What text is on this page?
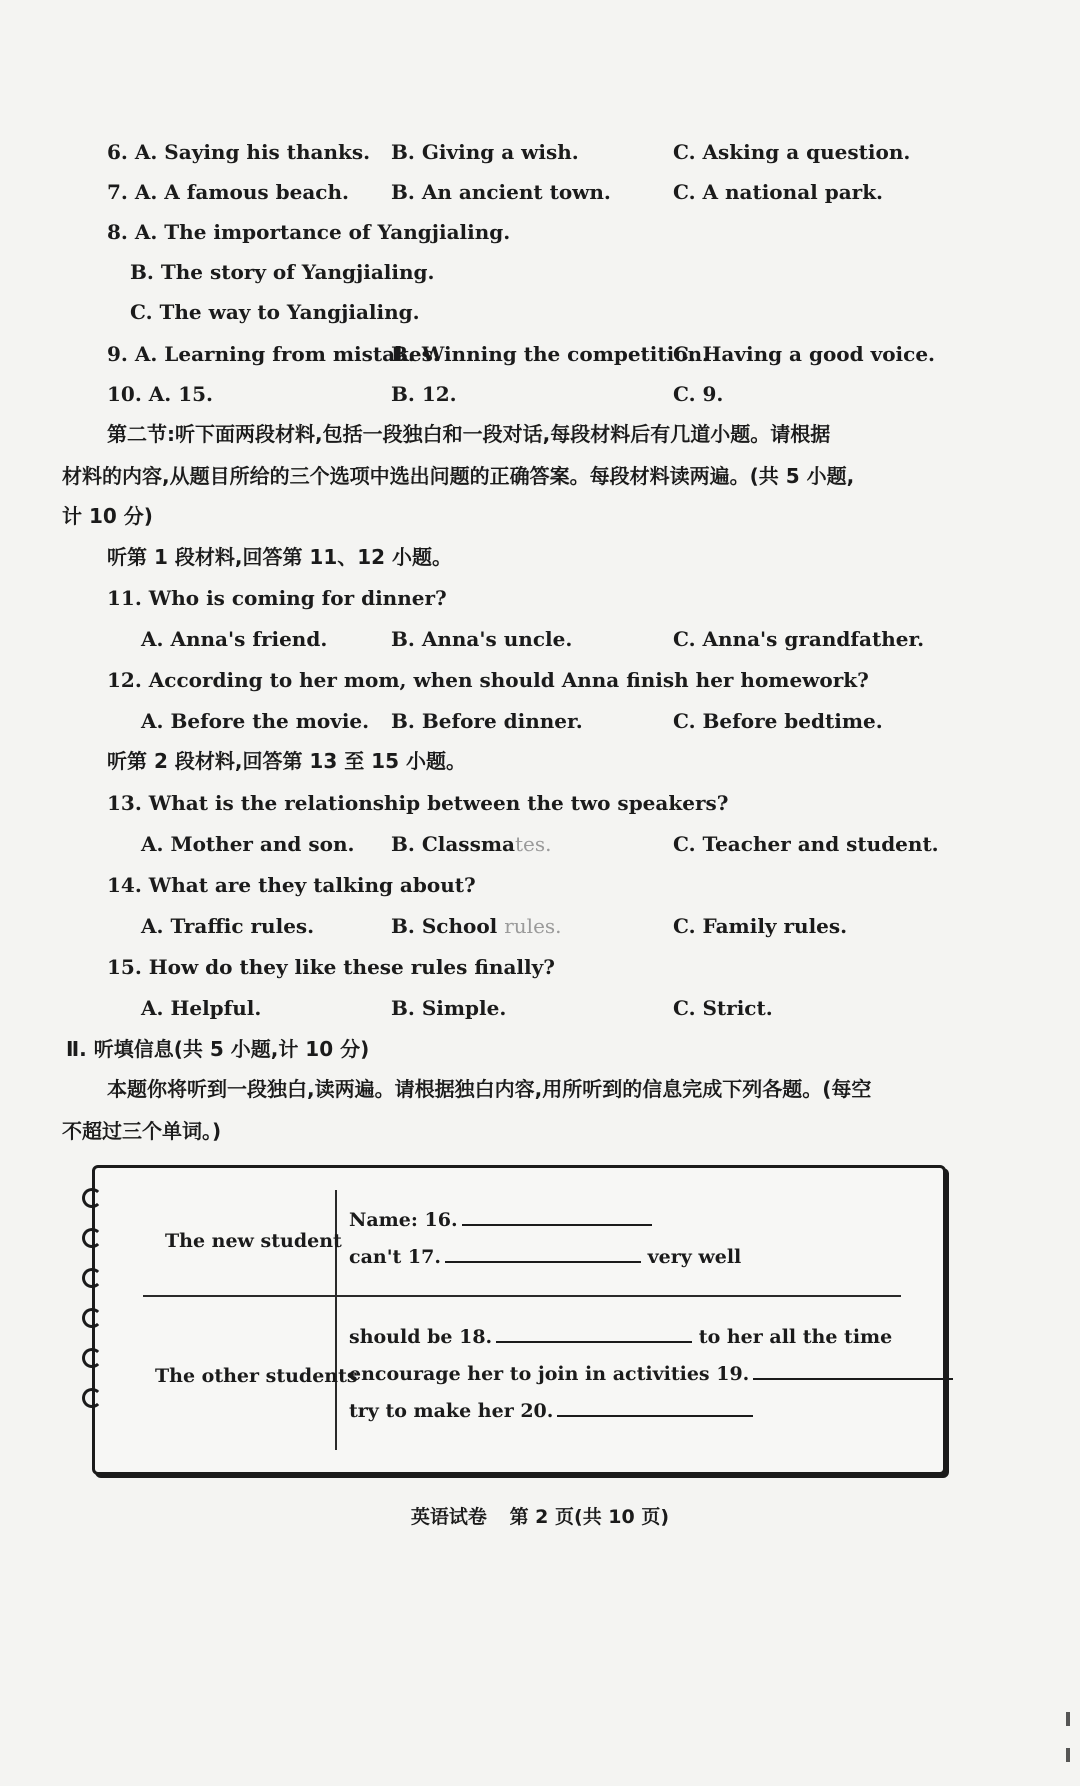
6. A. Saying his thanks. B. Giving a wish.	C. Asking a question.
7. A. A famous beach. B. An ancient town.	C. A national park.
8. A. The importance of Yangjialing.
B. The story of Yangjialing.
C. The way to Yangjialing.
9. A. Learning from mistakes.
B. Winning the competition.
C. Having a good voice.
10. A. 15.	B. 12.	C. 9.
第二节:听下面两段材料,包括一段独白和一段对话,每段材料后有几道小题。请根据
材料的内容,从题目所给的三个选项中选出问题的正确答案。每段材料读两遍。(共 5 小题,
计 10 分)
听第 1 段材料,回答第 11、12 小题。
11. Who is coming for dinner?
A. Anna's friend.	B. Anna's uncle.	C. Anna's grandfather.
12. According to her mom, when should Anna finish her homework?
A. Before the movie. B. Before dinner.	C. Before bedtime.
听第 2 段材料,回答第 13 至 15 小题。
13. What is the relationship between the two speakers?
A. Mother and son. B. Classmates.	C. Teacher and student.
14. What are they talking about?
A. Traffic rules.	B. School rules.	C. Family rules.
15. How do they like these rules finally?
A. Helpful.	B. Simple.	C. Strict.
Ⅱ. 听填信息(共 5 小题,计 10 分)
本题你将听到一段独白,读两遍。请根据独白内容,用所听到的信息完成下列各题。(每空
不超过三个单词。)
The new student
Name: 16.
can't 17.	very well
The other students
should be 18.	to her all the time
encourage her to join in activities 19.
try to make her 20.
英语试卷 第 2 页(共 10 页)
